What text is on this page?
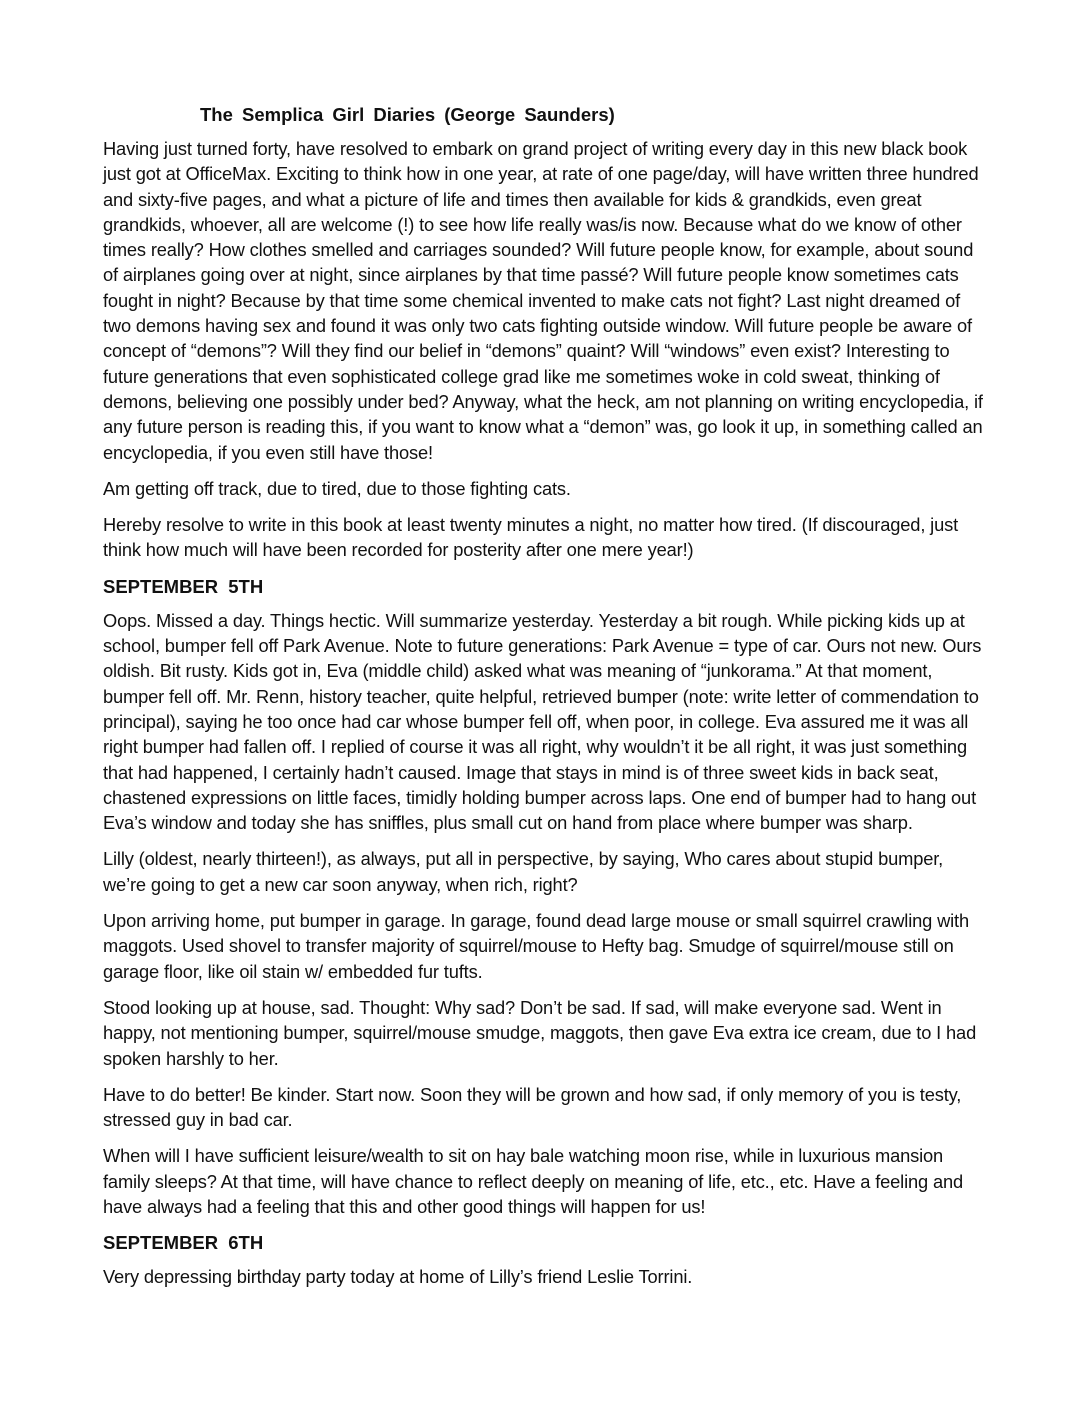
The Semplica Girl Diaries (George Saunders)

Having just turned forty, have resolved to embark on grand project of writing every day in this new black book just got at OfficeMax. Exciting to think how in one year, at rate of one page/day, will have written three hundred and sixty-five pages, and what a picture of life and times then available for kids & grandkids, even great grandkids, whoever, all are welcome (!) to see how life really was/is now. Because what do we know of other times really? How clothes smelled and carriages sounded? Will future people know, for example, about sound of airplanes going over at night, since airplanes by that time passé? Will future people know sometimes cats fought in night? Because by that time some chemical invented to make cats not fight? Last night dreamed of two demons having sex and found it was only two cats fighting outside window. Will future people be aware of concept of “demons”? Will they find our belief in “demons” quaint? Will “windows” even exist? Interesting to future generations that even sophisticated college grad like me sometimes woke in cold sweat, thinking of demons, believing one possibly under bed? Anyway, what the heck, am not planning on writing encyclopedia, if any future person is reading this, if you want to know what a “demon” was, go look it up, in something called an encyclopedia, if you even still have those!

Am getting off track, due to tired, due to those fighting cats.

Hereby resolve to write in this book at least twenty minutes a night, no matter how tired. (If discouraged, just think how much will have been recorded for posterity after one mere year!)

SEPTEMBER 5TH

Oops. Missed a day. Things hectic. Will summarize yesterday. Yesterday a bit rough. While picking kids up at school, bumper fell off Park Avenue. Note to future generations: Park Avenue = type of car. Ours not new. Ours oldish. Bit rusty. Kids got in, Eva (middle child) asked what was meaning of “junkorama.” At that moment, bumper fell off. Mr. Renn, history teacher, quite helpful, retrieved bumper (note: write letter of commendation to principal), saying he too once had car whose bumper fell off, when poor, in college. Eva assured me it was all right bumper had fallen off. I replied of course it was all right, why wouldn’t it be all right, it was just something that had happened, I certainly hadn’t caused. Image that stays in mind is of three sweet kids in back seat, chastened expressions on little faces, timidly holding bumper across laps. One end of bumper had to hang out Eva’s window and today she has sniffles, plus small cut on hand from place where bumper was sharp.

Lilly (oldest, nearly thirteen!), as always, put all in perspective, by saying, Who cares about stupid bumper, we’re going to get a new car soon anyway, when rich, right?

Upon arriving home, put bumper in garage. In garage, found dead large mouse or small squirrel crawling with maggots. Used shovel to transfer majority of squirrel/mouse to Hefty bag. Smudge of squirrel/mouse still on garage floor, like oil stain w/ embedded fur tufts.

Stood looking up at house, sad. Thought: Why sad? Don’t be sad. If sad, will make everyone sad. Went in happy, not mentioning bumper, squirrel/mouse smudge, maggots, then gave Eva extra ice cream, due to I had spoken harshly to her.

Have to do better! Be kinder. Start now. Soon they will be grown and how sad, if only memory of you is testy, stressed guy in bad car.

When will I have sufficient leisure/wealth to sit on hay bale watching moon rise, while in luxurious mansion family sleeps? At that time, will have chance to reflect deeply on meaning of life, etc., etc. Have a feeling and have always had a feeling that this and other good things will happen for us!

SEPTEMBER 6TH

Very depressing birthday party today at home of Lilly’s friend Leslie Torrini.
